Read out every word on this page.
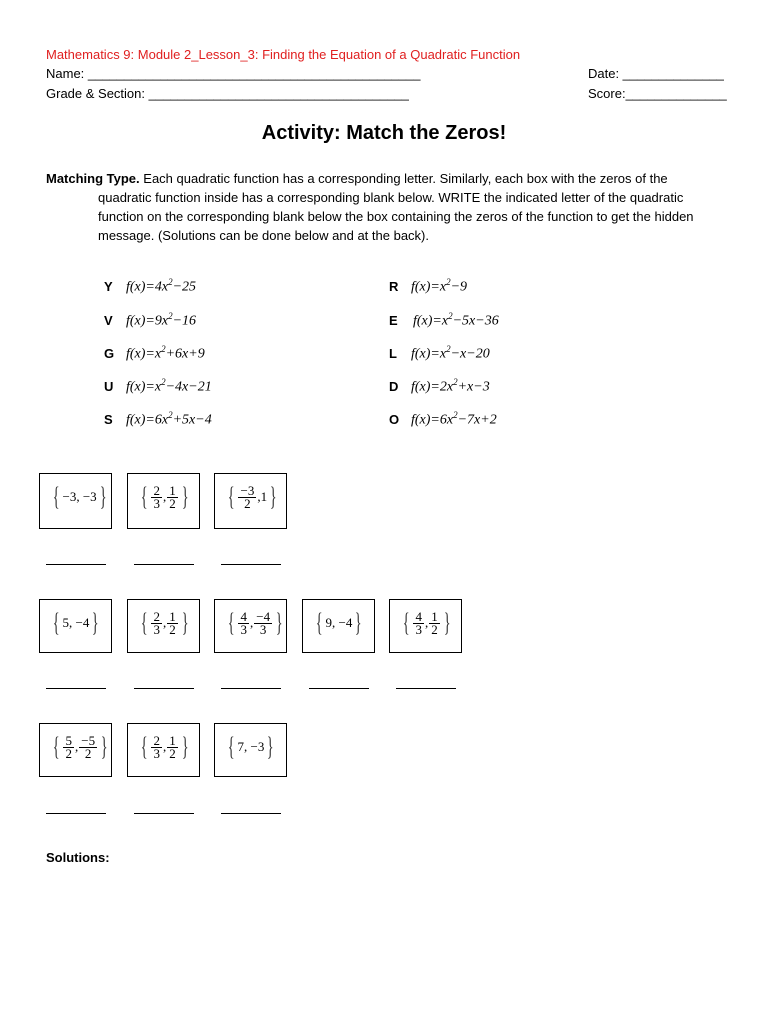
Mathematics 9: Module 2_Lesson_3: Finding the Equation of a Quadratic Function
Name: ______________________________________________
Grade & Section: ____________________________________
Date: ______________
Score:______________
Activity: Match the Zeros!
Matching Type. Each quadratic function has a corresponding letter. Similarly, each box with the zeros of the
quadratic function inside has a corresponding blank below. WRITE the indicated letter of the quadratic function on the corresponding blank below the box containing the zeros of the function to get the hidden message. (Solutions can be done below and at the back).
Y $f(x)=4x^2-25$
V $f(x)=9x^2-16$
G $f(x)=x^2+6x+9$
U $f(x)=x^2-4x-21$
S $f(x)=6x^2+5x-4$
R $f(x)=x^2-9$
E $f(x)=x^2-5x-36$
L $f(x)=x^2-x-20$
D $f(x)=2x^2+x-3$
O $f(x)=6x^2-7x+2$
{ −3 , −3 } { $\frac{2}{3}$ , $\frac{1}{2}$ } { $\frac{-3}{2}$ , 1 }
{ 5 , −4 } { $\frac{2}{3}$ , $\frac{1}{2}$ } { $\frac{4}{3}$ , $\frac{-4}{3}$ } { 9 , −4 } { $\frac{4}{3}$ , $\frac{1}{2}$ }
{ $\frac{5}{2}$ , $\frac{-5}{2}$ } { $\frac{2}{3}$ , $\frac{1}{2}$ } { 7 , −3 }
Solutions:
